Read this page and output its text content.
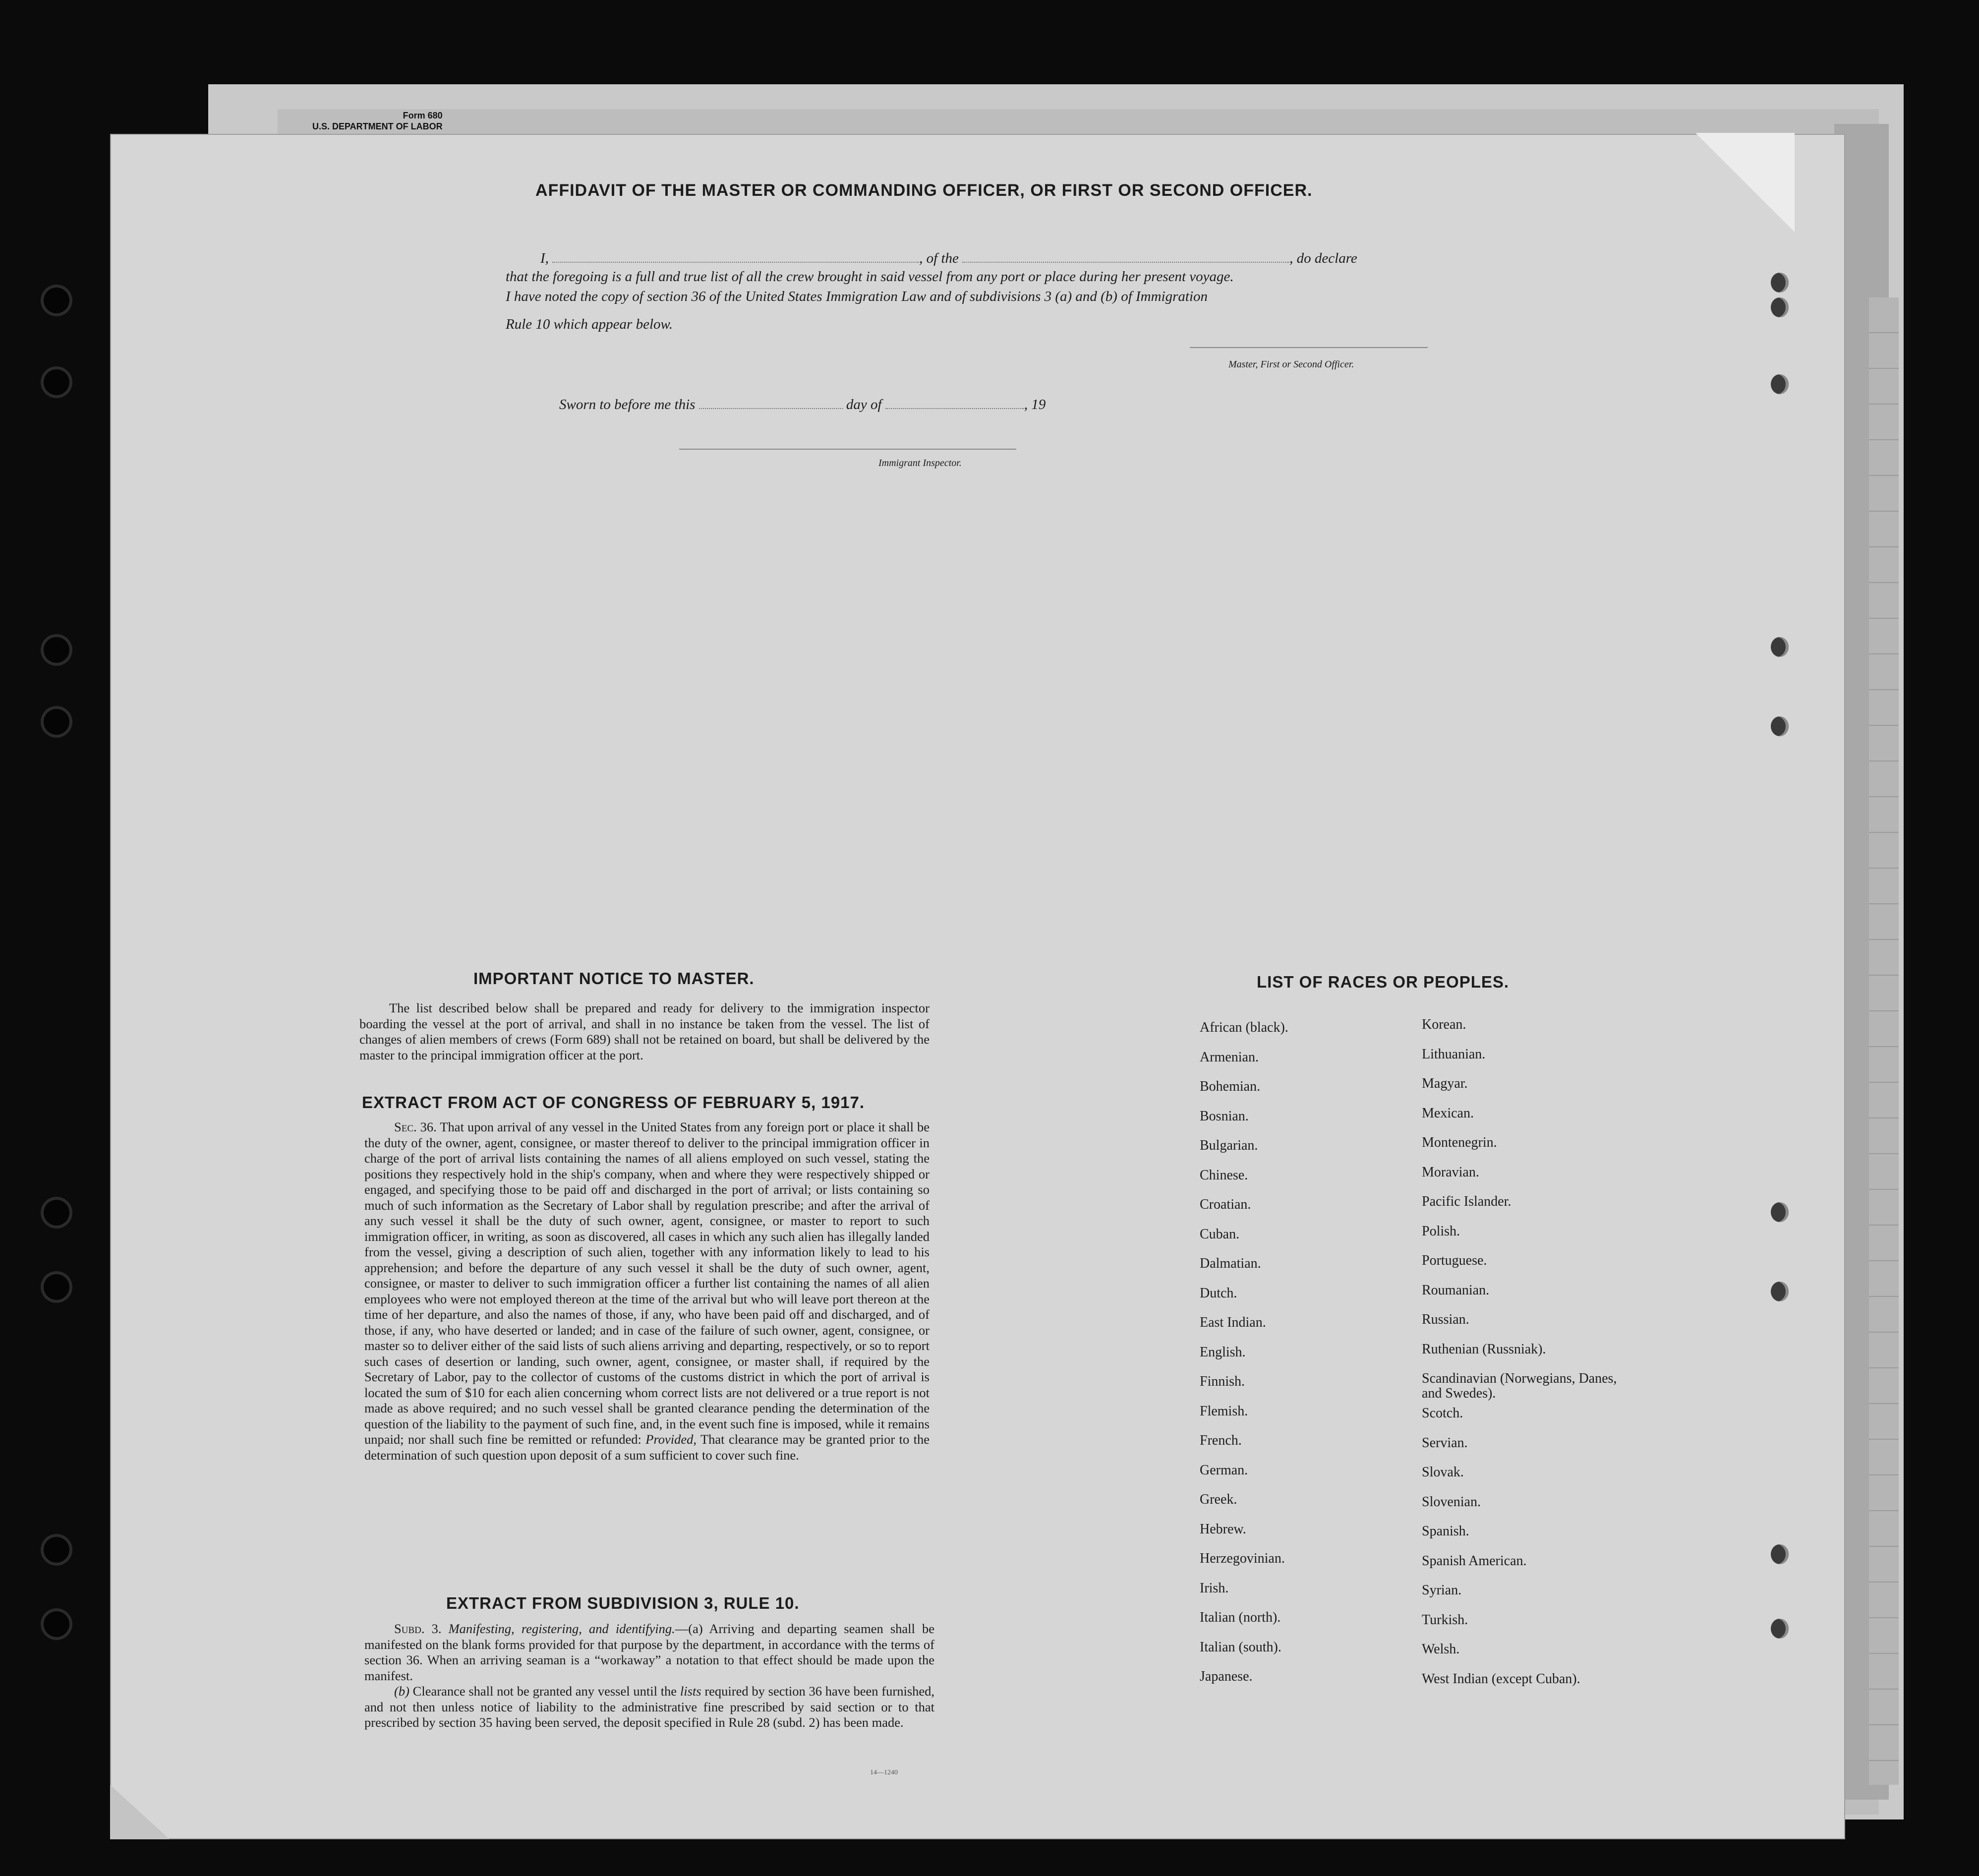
Form 680
U.S. DEPARTMENT OF LABOR
AFFIDAVIT OF THE MASTER OR COMMANDING OFFICER, OR FIRST OR SECOND OFFICER.
I,	, of the	, do declare
that the foregoing is a full and true list of all the crew brought in said vessel from any port or place during her present voyage.
I have noted the copy of section 36 of the United States Immigration Law and of subdivisions 3 (a) and (b) of Immigration
Rule 10 which appear below.
Master, First or Second Officer.
Sworn to before me this	day of	, 19
Immigrant Inspector.
IMPORTANT NOTICE TO MASTER.

The list described below shall be prepared and ready for delivery to the immigration inspector boarding the vessel at the port of arrival, and shall in no instance be taken from the vessel. The list of changes of alien members of crews (Form 689) shall not be retained on board, but shall be delivered by the master to the principal immigration officer at the port.

EXTRACT FROM ACT OF CONGRESS OF FEBRUARY 5, 1917.

Sec. 36. That upon arrival of any vessel in the United States from any foreign port or place it shall be the duty of the owner, agent, consignee, or master thereof to deliver to the principal immigration officer in charge of the port of arrival lists containing the names of all aliens employed on such vessel, stating the positions they respectively hold in the ship's company, when and where they were respectively shipped or engaged, and specifying those to be paid off and discharged in the port of arrival; or lists containing so much of such information as the Secretary of Labor shall by regulation prescribe; and after the arrival of any such vessel it shall be the duty of such owner, agent, consignee, or master to report to such immigration officer, in writing, as soon as discovered, all cases in which any such alien has illegally landed from the vessel, giving a description of such alien, together with any information likely to lead to his apprehension; and before the departure of any such vessel it shall be the duty of such owner, agent, consignee, or master to deliver to such immigration officer a further list containing the names of all alien employees who were not employed thereon at the time of the arrival but who will leave port thereon at the time of her departure, and also the names of those, if any, who have been paid off and discharged, and of those, if any, who have deserted or landed; and in case of the failure of such owner, agent, consignee, or master so to deliver either of the said lists of such aliens arriving and departing, respectively, or so to report such cases of desertion or landing, such owner, agent, consignee, or master shall, if required by the Secretary of Labor, pay to the collector of customs of the customs district in which the port of arrival is located the sum of $10 for each alien concerning whom correct lists are not delivered or a true report is not made as above required; and no such vessel shall be granted clearance pending the determination of the question of the liability to the payment of such fine, and, in the event such fine is imposed, while it remains unpaid; nor shall such fine be remitted or refunded: Provided, That clearance may be granted prior to the determination of such question upon deposit of a sum sufficient to cover such fine.

EXTRACT FROM SUBDIVISION 3, RULE 10.

Subd. 3. Manifesting, registering, and identifying.—(a) Arriving and departing seamen shall be manifested on the blank forms provided for that purpose by the department, in accordance with the terms of section 36. When an arriving seaman is a “workaway” a notation to that effect should be made upon the manifest.

(b) Clearance shall not be granted any vessel until the lists required by section 36 have been furnished, and not then unless notice of liability to the administrative fine prescribed by said section or to that prescribed by section 35 having been served, the deposit specified in Rule 28 (subd. 2) has been made.

14—1240
LIST OF RACES OR PEOPLES.
African (black).
Armenian.
Bohemian.
Bosnian.
Bulgarian.
Chinese.
Croatian.
Cuban.
Dalmatian.
Dutch.
East Indian.
English.
Finnish.
Flemish.
French.
German.
Greek.
Hebrew.
Herzegovinian.
Irish.
Italian (north).
Italian (south).
Japanese.
Korean.
Lithuanian.
Magyar.
Mexican.
Montenegrin.
Moravian.
Pacific Islander.
Polish.
Portuguese.
Roumanian.
Russian.
Ruthenian (Russniak).
Scandinavian (Norwegians, Danes, and Swedes).
Scotch.
Servian.
Slovak.
Slovenian.
Spanish.
Spanish American.
Syrian.
Turkish.
Welsh.
West Indian (except Cuban).
